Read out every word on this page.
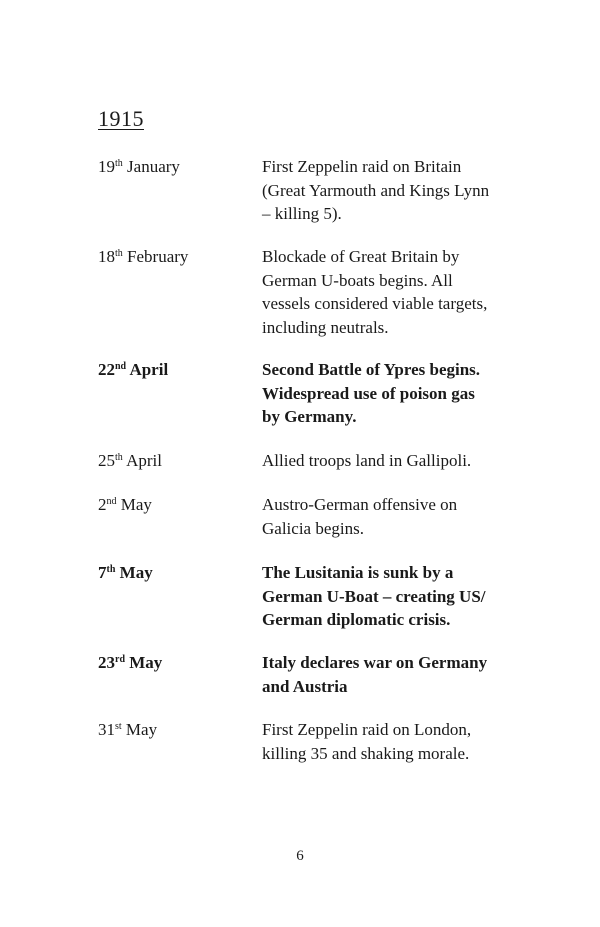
1915
19th January	First Zeppelin raid on Britain
(Great Yarmouth and Kings Lynn
– killing 5).
18th February	Blockade of Great Britain by
German U-boats begins. All
vessels considered viable targets,
including neutrals.
22nd April	Second Battle of Ypres begins.
Widespread use of poison gas
by Germany.
25th April	Allied troops land in Gallipoli.
2nd May	Austro-German offensive on
Galicia begins.
7th May	The Lusitania is sunk by a
German U-Boat – creating US/
German diplomatic crisis.
23rd May	Italy declares war on Germany
and Austria
31st May	First Zeppelin raid on London,
killing 35 and shaking morale.
6
